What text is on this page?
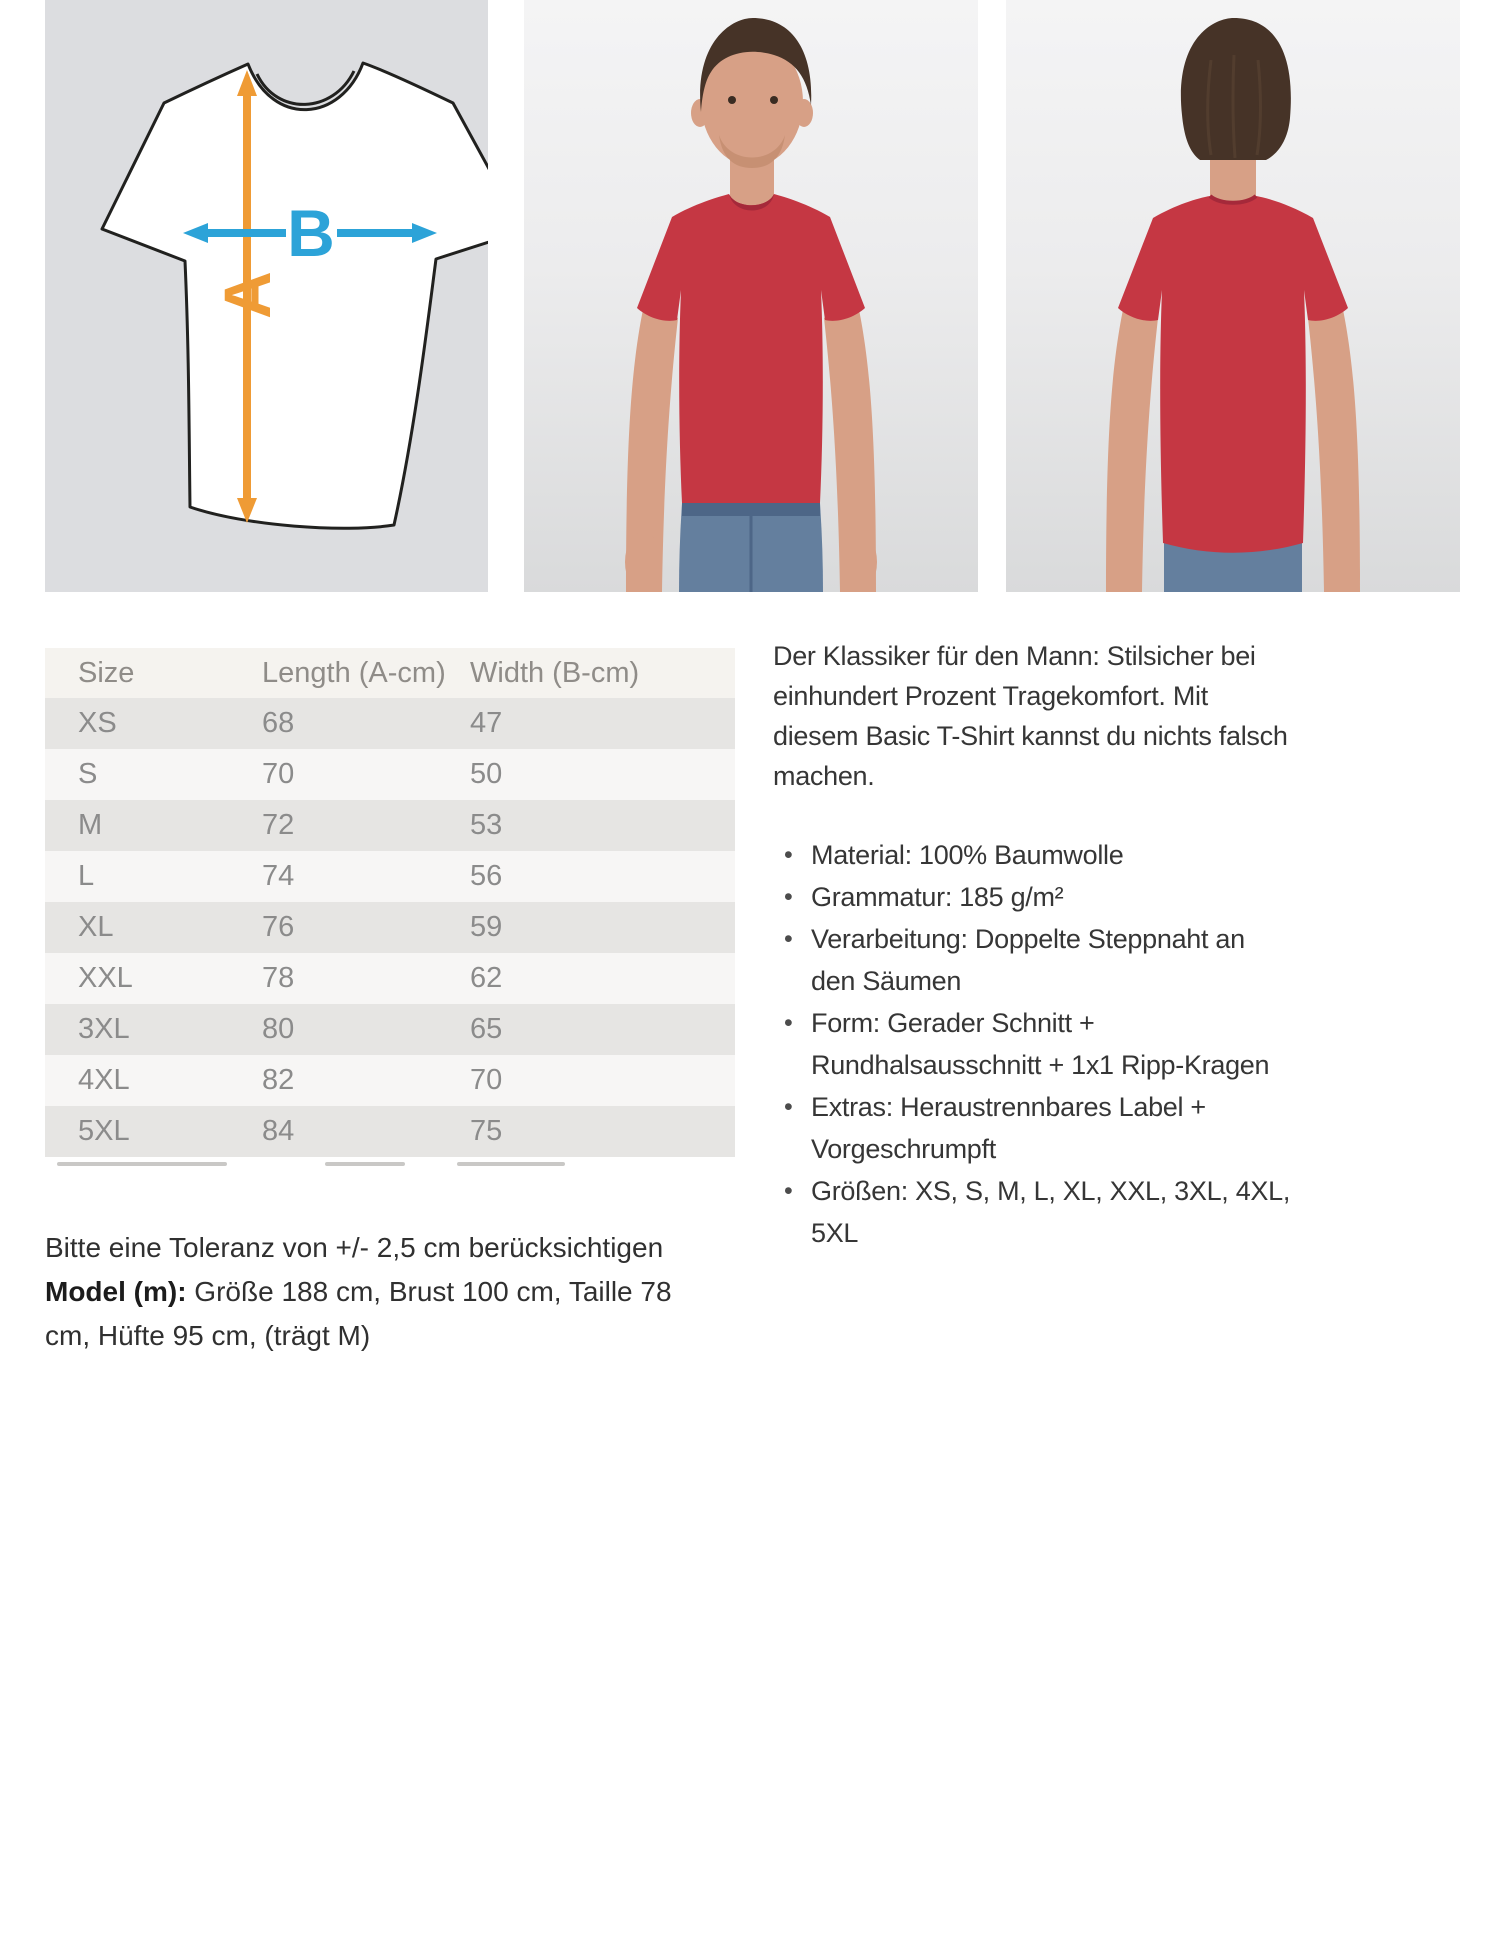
A
B
Size	Length (A-cm) Width (B-cm)
XS	68	47
S	70	50
M	72	53
L	74	56
XL	76	59
XXL	78	62
3XL	80	65
4XL	82	70
5XL	84	75
Der Klassiker für den Mann: Stilsicher bei einhundert Prozent Tragekomfort. Mit diesem Basic T-Shirt kannst du nichts falsch machen.
• Material: 100% Baumwolle
• Grammatur: 185 g/m²
• Verarbeitung: Doppelte Steppnaht an den Säumen
• Form: Gerader Schnitt + Rundhalsausschnitt + 1x1 Ripp-Kragen
• Extras: Heraustrennbares Label + Vorgeschrumpft
• Größen: XS, S, M, L, XL, XXL, 3XL, 4XL, 5XL
Bitte eine Toleranz von +/- 2,5 cm berücksichtigen
Model (m): Größe 188 cm, Brust 100 cm, Taille 78 cm, Hüfte 95 cm, (trägt M)
